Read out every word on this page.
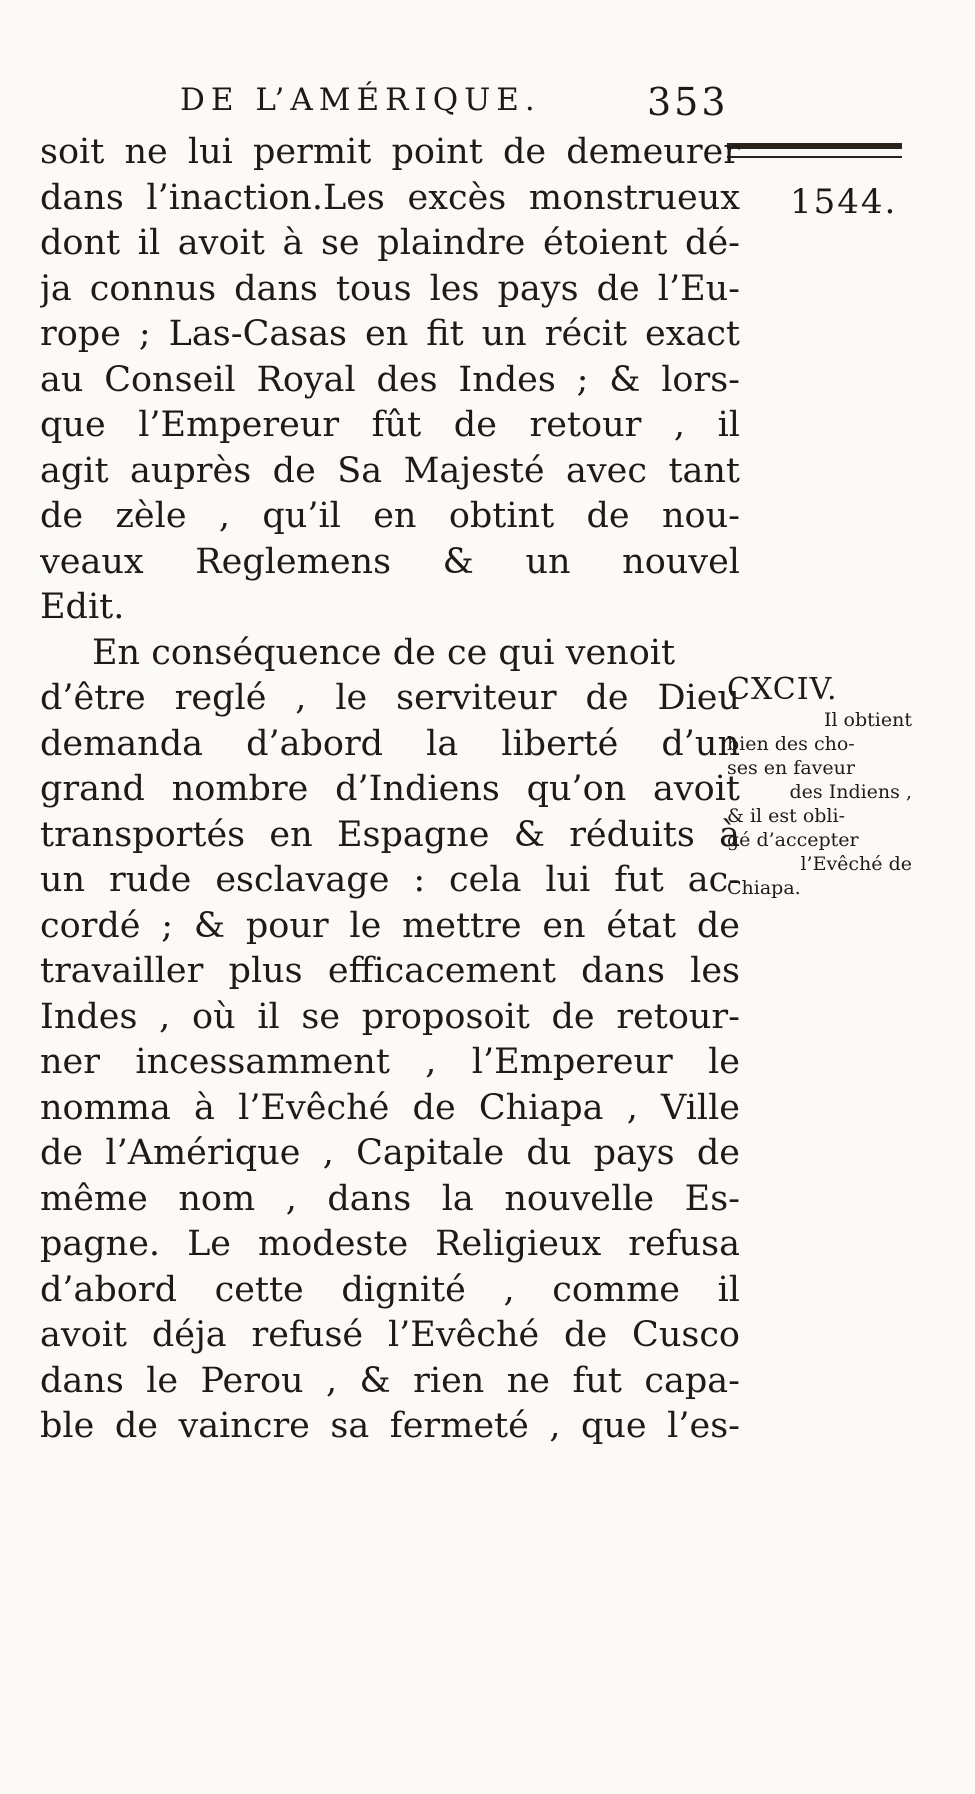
DE L’AMÉRIQUE.	353
1544.
soit ne lui permit point de demeurer
dans l’inaction.Les excès monstrueux
dont il avoit à se plaindre étoient dé-
ja connus dans tous les pays de l’Eu-
rope ; Las-Casas en fit un récit exact
au Conseil Royal des Indes ; & lors-
que l’Empereur fût de retour , il
agit auprès de Sa Majesté avec tant
de zèle , qu’il en obtint de nou-
veaux Reglemens & un nouvel
Edit.
En conséquence de ce qui venoit
d’être reglé , le serviteur de Dieu
demanda d’abord la liberté d’un
grand nombre d’Indiens qu’on avoit
transportés en Espagne & réduits à
un rude esclavage : cela lui fut ac-
cordé ; & pour le mettre en état de
travailler plus efficacement dans les
Indes , où il se proposoit de retour-
ner incessamment , l’Empereur le
nomma à l’Evêché de Chiapa , Ville
de l’Amérique , Capitale du pays de
même nom , dans la nouvelle Es-
pagne. Le modeste Religieux refusa
d’abord cette dignité , comme il
avoit déja refusé l’Evêché de Cusco
dans le Perou , & rien ne fut capa-
ble de vaincre sa fermeté , que l’es-
CXCIV.
Il obtient
bien des cho-
ses en faveur
des Indiens ,
& il est obli-
gé d’accepter
l’Evêché de
Chiapa.
